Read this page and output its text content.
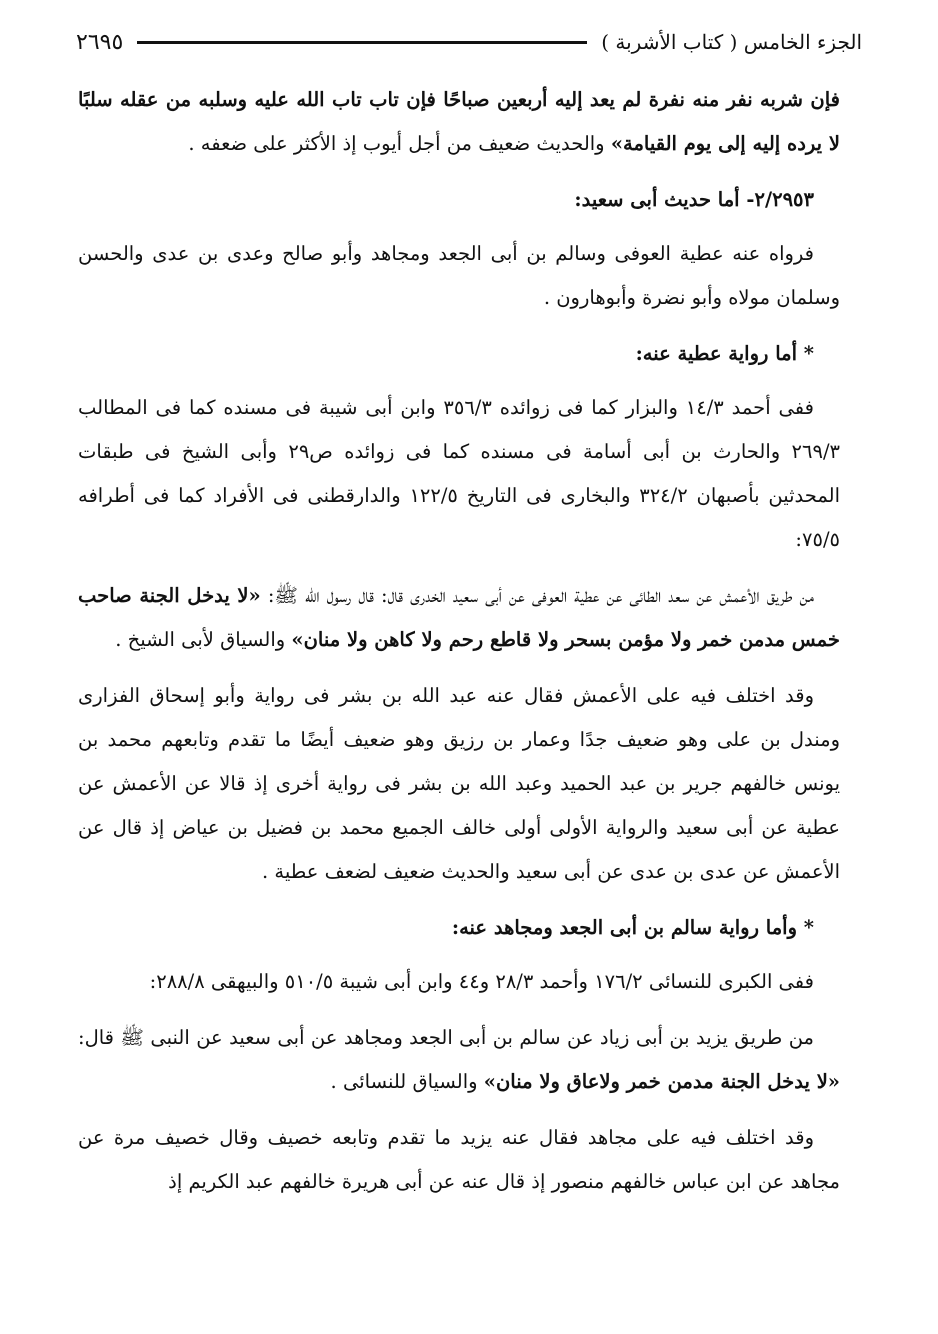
الجزء الخامس ( كتاب الأشربة )
٢٦٩٥

فإن شربه نفر منه نفرة لم يعد إليه أربعين صباحًا فإن تاب تاب الله عليه وسلبه من عقله سلبًا لا يرده إليه إلى يوم القيامة» والحديث ضعيف من أجل أيوب إذ الأكثر على ضعفه .

٢/٢٩٥٣- أما حديث أبى سعيد:

فرواه عنه عطية العوفى وسالم بن أبى الجعد ومجاهد وأبو صالح وعدى بن عدى والحسن وسلمان مولاه وأبو نضرة وأبوهارون .

* أما رواية عطية عنه:

ففى أحمد ١٤/٣ والبزار كما فى زوائده ٣٥٦/٣ وابن أبى شيبة فى مسنده كما فى المطالب ٢٦٩/٣ والحارث بن أبى أسامة فى مسنده كما فى زوائده ص٢٩ وأبى الشيخ فى طبقات المحدثين بأصبهان ٣٢٤/٢ والبخارى فى التاريخ ١٢٢/٥ والدارقطنى فى الأفراد كما فى أطرافه ٧٥/٥:

من طريق الأعمش عن سعد الطائى عن عطية العوفى عن أبى سعيد الخدرى قال: قال رسول الله ﷺ: «لا يدخل الجنة صاحب خمس مدمن خمر ولا مؤمن بسحر ولا قاطع رحم ولا كاهن ولا منان» والسياق لأبى الشيخ .

وقد اختلف فيه على الأعمش فقال عنه عبد الله بن بشر فى رواية وأبو إسحاق الفزارى ومندل بن على وهو ضعيف جدًا وعمار بن رزيق وهو ضعيف أيضًا ما تقدم وتابعهم محمد بن يونس خالفهم جرير بن عبد الحميد وعبد الله بن بشر فى رواية أخرى إذ قالا عن الأعمش عن عطية عن أبى سعيد والرواية الأولى أولى خالف الجميع محمد بن فضيل بن عياض إذ قال عن الأعمش عن عدى بن عدى عن أبى سعيد والحديث ضعيف لضعف عطية .

* وأما رواية سالم بن أبى الجعد ومجاهد عنه:

ففى الكبرى للنسائى ١٧٦/٢ وأحمد ٢٨/٣ و٤٤ وابن أبى شيبة ٥١٠/٥ والبيهقى ٢٨٨/٨:

من طريق يزيد بن أبى زياد عن سالم بن أبى الجعد ومجاهد عن أبى سعيد عن النبى ﷺ قال: «لا يدخل الجنة مدمن خمر ولاعاق ولا منان» والسياق للنسائى .

وقد اختلف فيه على مجاهد فقال عنه يزيد ما تقدم وتابعه خصيف وقال خصيف مرة عن مجاهد عن ابن عباس خالفهم منصور إذ قال عنه عن أبى هريرة خالفهم عبد الكريم إذ
